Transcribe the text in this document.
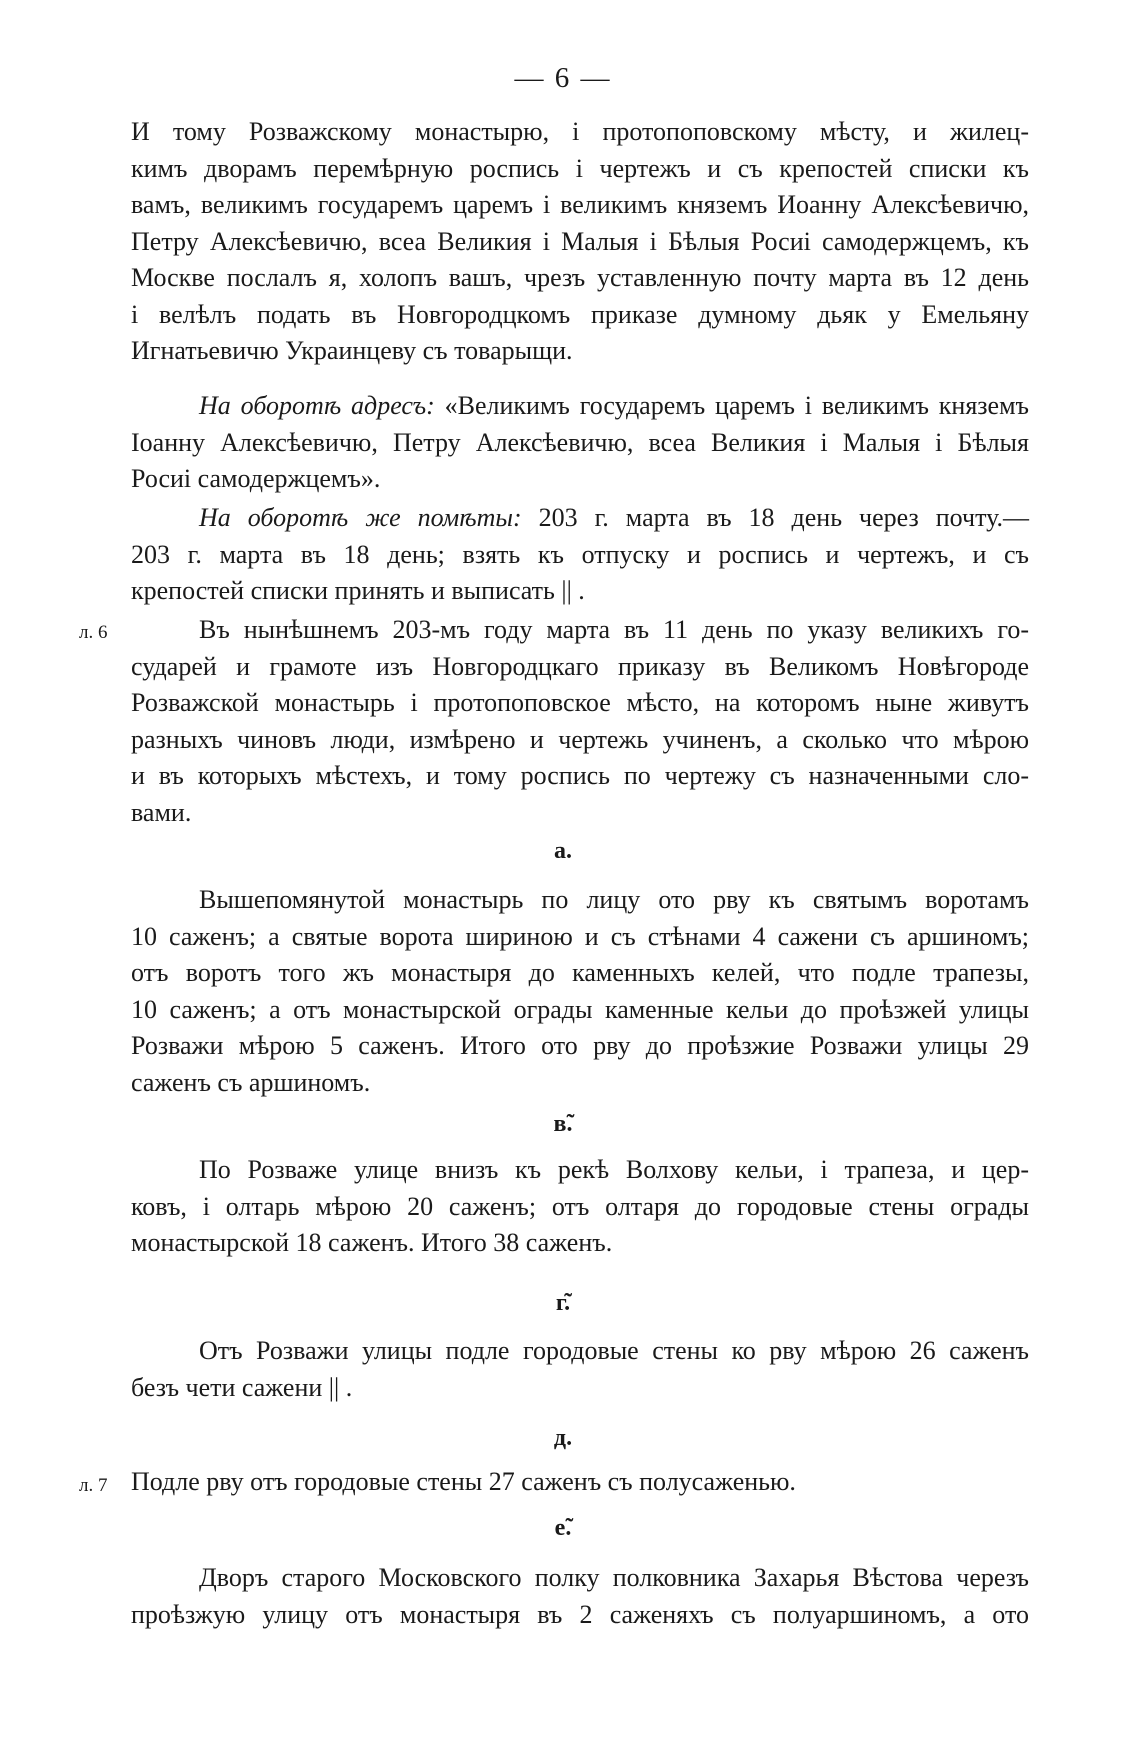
— 6 —
И тому Розважскому монастырю, і протопоповскому мѣсту, и жилец-
кимъ дворамъ перемѣрную роспись і чертежъ и съ крепостей списки къ
вамъ, великимъ государемъ царемъ і великимъ княземъ Иоанну Алексѣевичю,
Петру Алексѣевичю, всеа Великия і Малыя і Бѣлыя Росиі самодержцемъ, къ
Москве послалъ я, холопъ вашъ, чрезъ уставленную почту марта въ 12 день
і велѣлъ подать въ Новгородцкомъ приказе думному дьяк у Емельяну
Игнатьевичю Украинцеву съ товарыщи.
На оборотѣ адресъ: «Великимъ государемъ царемъ і великимъ княземъ
Іоанну Алексѣевичю, Петру Алексѣевичю, всеа Великия і Малыя і Бѣлыя
Росиі самодержцемъ».
На оборотѣ же помѣты: 203 г. марта въ 18 день через почту.—
203 г. марта въ 18 день; взять къ отпуску и роспись и чертежъ, и съ
крепостей списки принять и выписать || .
л. 6	Въ нынѣшнемъ 203-мъ году марта въ 11 день по указу великихъ го-
сударей и грамоте изъ Новгородцкаго приказу въ Великомъ Новѣгороде
Розважской монастырь і протопоповское мѣсто, на которомъ ныне живутъ
разныхъ чиновъ люди, измѣрено и чертежь учиненъ, а сколько что мѣрою
и въ которыхъ мѣстехъ, и тому роспись по чертежу съ назначенными сло-
вами.
а.
Вышепомянутой монастырь по лицу ото рву къ святымъ воротамъ
10 саженъ; а святые ворота шириною и съ стѣнами 4 сажени съ аршиномъ;
отъ воротъ того жъ монастыря до каменныхъ келей, что подле трапезы,
10 саженъ; а отъ монастырской ограды каменные кельи до проѣзжей улицы
Розважи мѣрою 5 саженъ. Итого ото рву до проѣзжие Розважи улицы 29
саженъ съ аршиномъ.
в̃.
По Розваже улице внизъ къ рекѣ Волхову кельи, і трапеза, и цер-
ковъ, і олтарь мѣрою 20 саженъ; отъ олтаря до городовые стены ограды
монастырской 18 саженъ. Итого 38 саженъ.
г̃.
Отъ Розважи улицы подле городовые стены ко рву мѣрою 26 саженъ
безъ чети сажени || .
д.
л. 7 Подле рву отъ городовые стены 27 саженъ съ полусаженью.
е̃.
Дворъ старого Московского полку полковника Захарья Вѣстова черезъ
проѣзжую улицу отъ монастыря въ 2 саженяхъ съ полуаршиномъ, а ото
